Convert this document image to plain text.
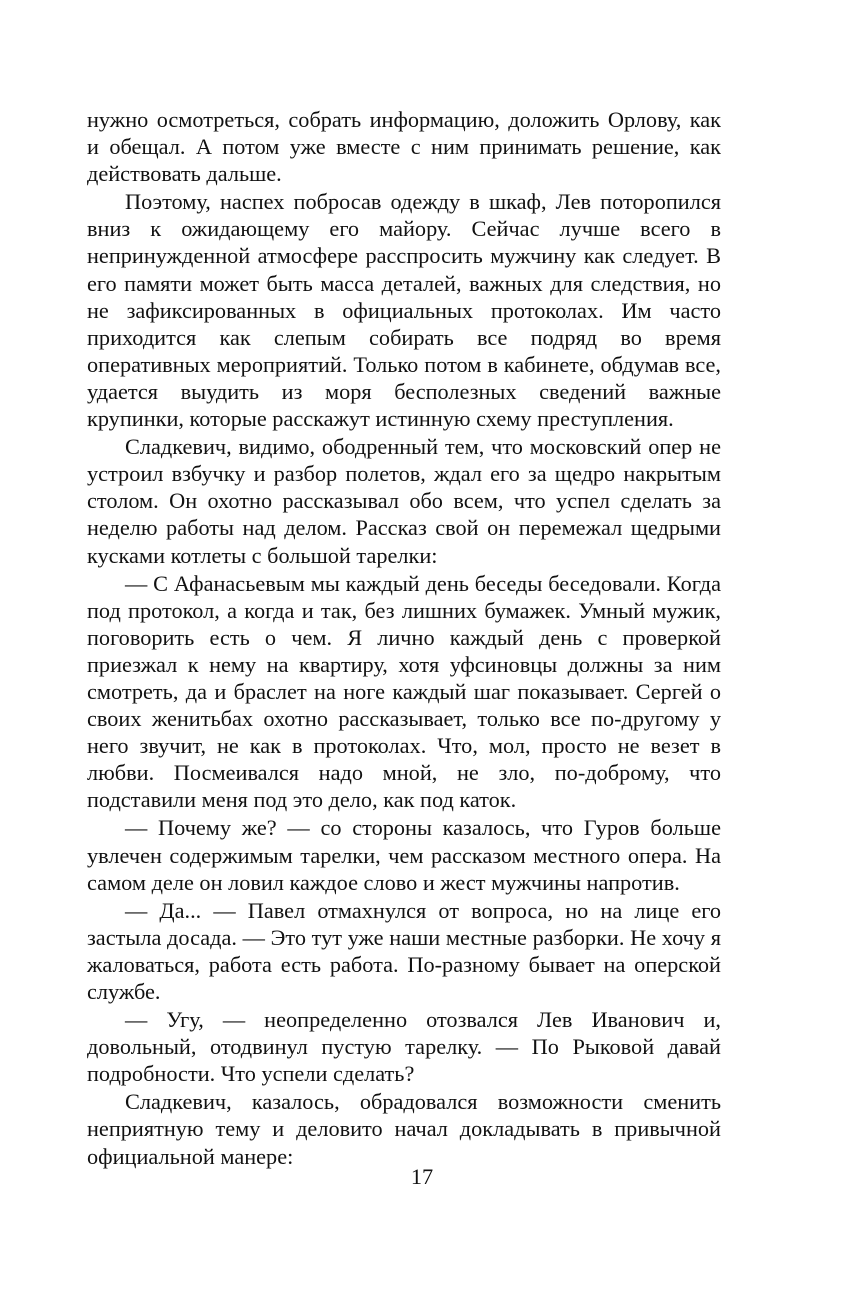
нужно осмотреться, собрать информацию, доложить Орлову, как и обещал. А потом уже вместе с ним принимать решение, как действовать дальше.

Поэтому, наспех побросав одежду в шкаф, Лев поторопился вниз к ожидающему его майору. Сейчас лучше всего в непринужденной атмосфере расспросить мужчину как следует. В его памяти может быть масса деталей, важных для следствия, но не зафиксированных в официальных протоколах. Им часто приходится как слепым собирать все подряд во время оперативных мероприятий. Только потом в кабинете, обдумав все, удается выудить из моря бесполезных сведений важные крупинки, которые расскажут истинную схему преступления.

Сладкевич, видимо, ободренный тем, что московский опер не устроил взбучку и разбор полетов, ждал его за щедро накрытым столом. Он охотно рассказывал обо всем, что успел сделать за неделю работы над делом. Рассказ свой он перемежал щедрыми кусками котлеты с большой тарелки:

— С Афанасьевым мы каждый день беседы беседовали. Когда под протокол, а когда и так, без лишних бумажек. Умный мужик, поговорить есть о чем. Я лично каждый день с проверкой приезжал к нему на квартиру, хотя уфсиновцы должны за ним смотреть, да и браслет на ноге каждый шаг показывает. Сергей о своих женитьбах охотно рассказывает, только все по-другому у него звучит, не как в протоколах. Что, мол, просто не везет в любви. Посмеивался надо мной, не зло, по-доброму, что подставили меня под это дело, как под каток.

— Почему же? — со стороны казалось, что Гуров больше увлечен содержимым тарелки, чем рассказом местного опера. На самом деле он ловил каждое слово и жест мужчины напротив.

— Да... — Павел отмахнулся от вопроса, но на лице его застыла досада. — Это тут уже наши местные разборки. Не хочу я жаловаться, работа есть работа. По-разному бывает на оперской службе.

— Угу, — неопределенно отозвался Лев Иванович и, довольный, отодвинул пустую тарелку. — По Рыковой давай подробности. Что успели сделать?

Сладкевич, казалось, обрадовался возможности сменить неприятную тему и деловито начал докладывать в привычной официальной манере:

17
